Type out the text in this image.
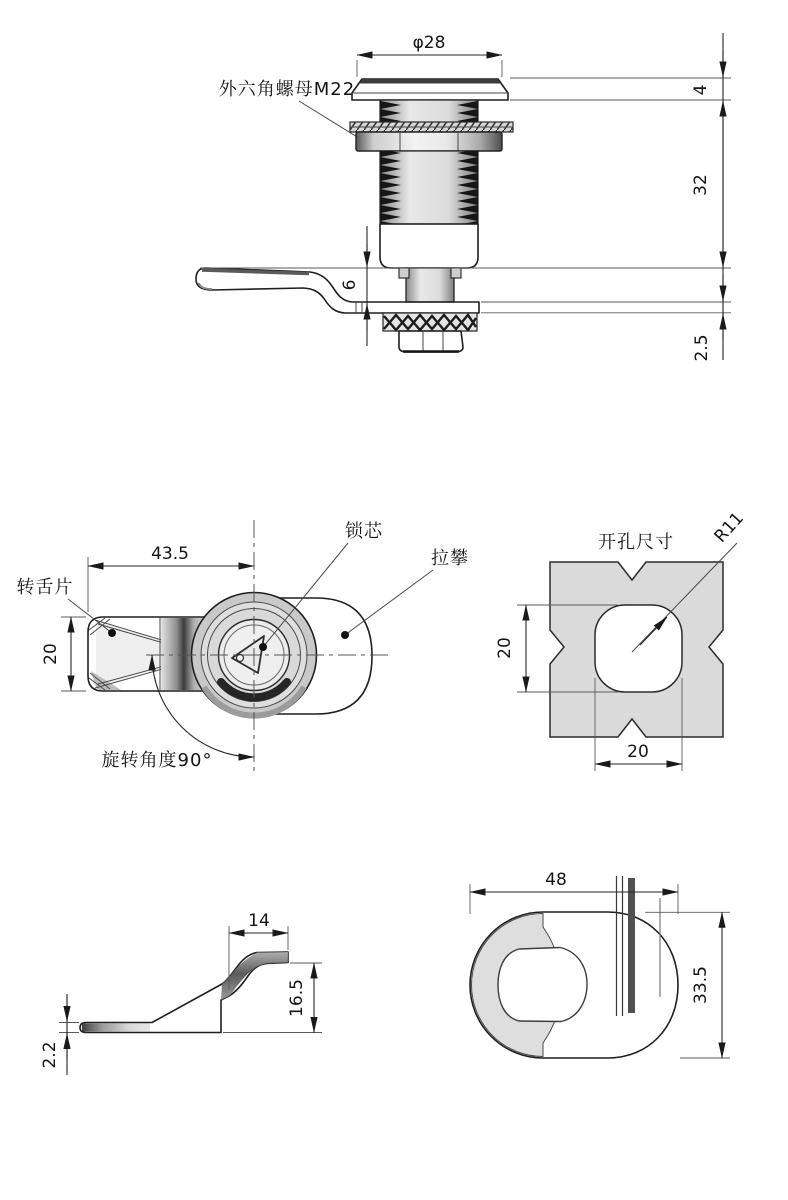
φ28
外六角螺母M22	4
32
2.5
6
旋转角度90°
43.5
20
转舌片
锁芯
拉攀
开孔尺寸
20
20
R11
14
16.5
2.2
48
33.5
